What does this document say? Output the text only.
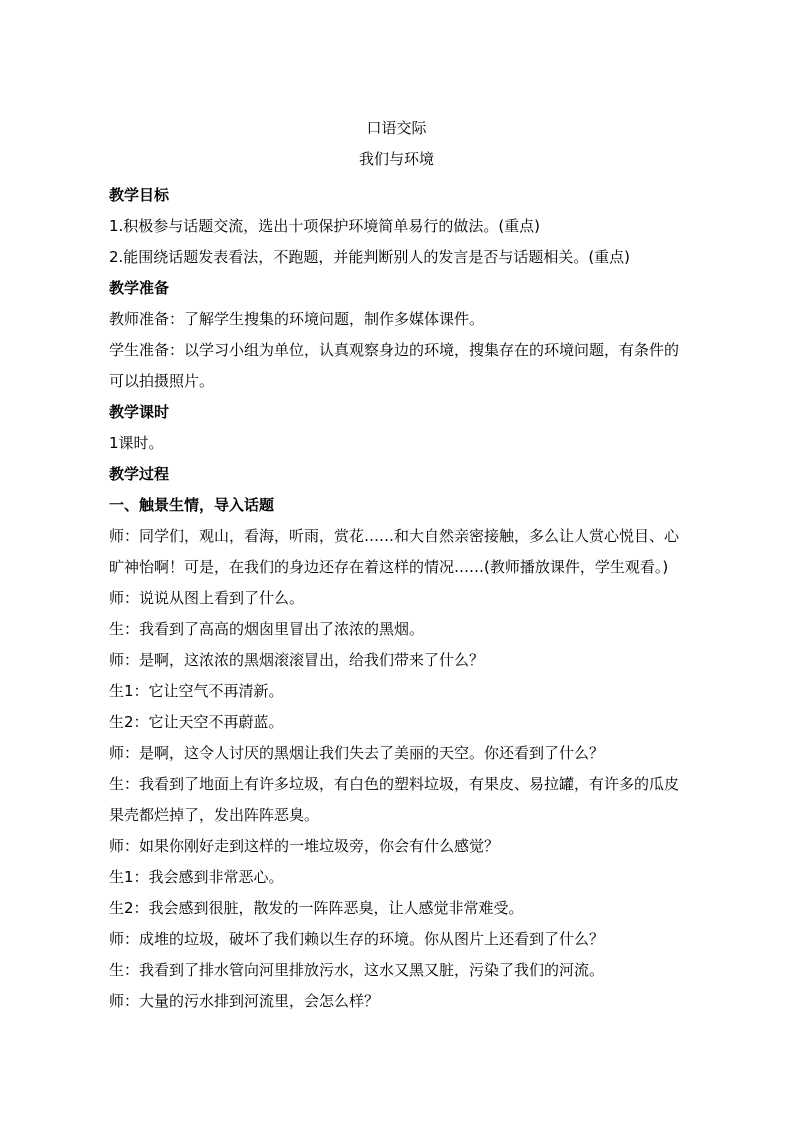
口语交际
我们与环境

教学目标

1.积极参与话题交流，选出十项保护环境简单易行的做法。(重点)

2.能围绕话题发表看法，不跑题，并能判断别人的发言是否与话题相关。(重点)

教学准备

教师准备：了解学生搜集的环境问题，制作多媒体课件。

学生准备：以学习小组为单位，认真观察身边的环境，搜集存在的环境问题，有条件的

可以拍摄照片。

教学课时

1课时。

教学过程

一、触景生情，导入话题

师：同学们，观山，看海，听雨，赏花……和大自然亲密接触，多么让人赏心悦目、心

旷神怡啊！可是，在我们的身边还存在着这样的情况……(教师播放课件，学生观看。)

师：说说从图上看到了什么。

生：我看到了高高的烟囱里冒出了浓浓的黑烟。

师：是啊，这浓浓的黑烟滚滚冒出，给我们带来了什么？

生1：它让空气不再清新。

生2：它让天空不再蔚蓝。

师：是啊，这令人讨厌的黑烟让我们失去了美丽的天空。你还看到了什么？

生：我看到了地面上有许多垃圾，有白色的塑料垃圾，有果皮、易拉罐，有许多的瓜皮

果壳都烂掉了，发出阵阵恶臭。

师：如果你刚好走到这样的一堆垃圾旁，你会有什么感觉？

生1：我会感到非常恶心。

生2：我会感到很脏，散发的一阵阵恶臭，让人感觉非常难受。

师：成堆的垃圾，破坏了我们赖以生存的环境。你从图片上还看到了什么？

生：我看到了排水管向河里排放污水，这水又黑又脏，污染了我们的河流。

师：大量的污水排到河流里，会怎么样？
